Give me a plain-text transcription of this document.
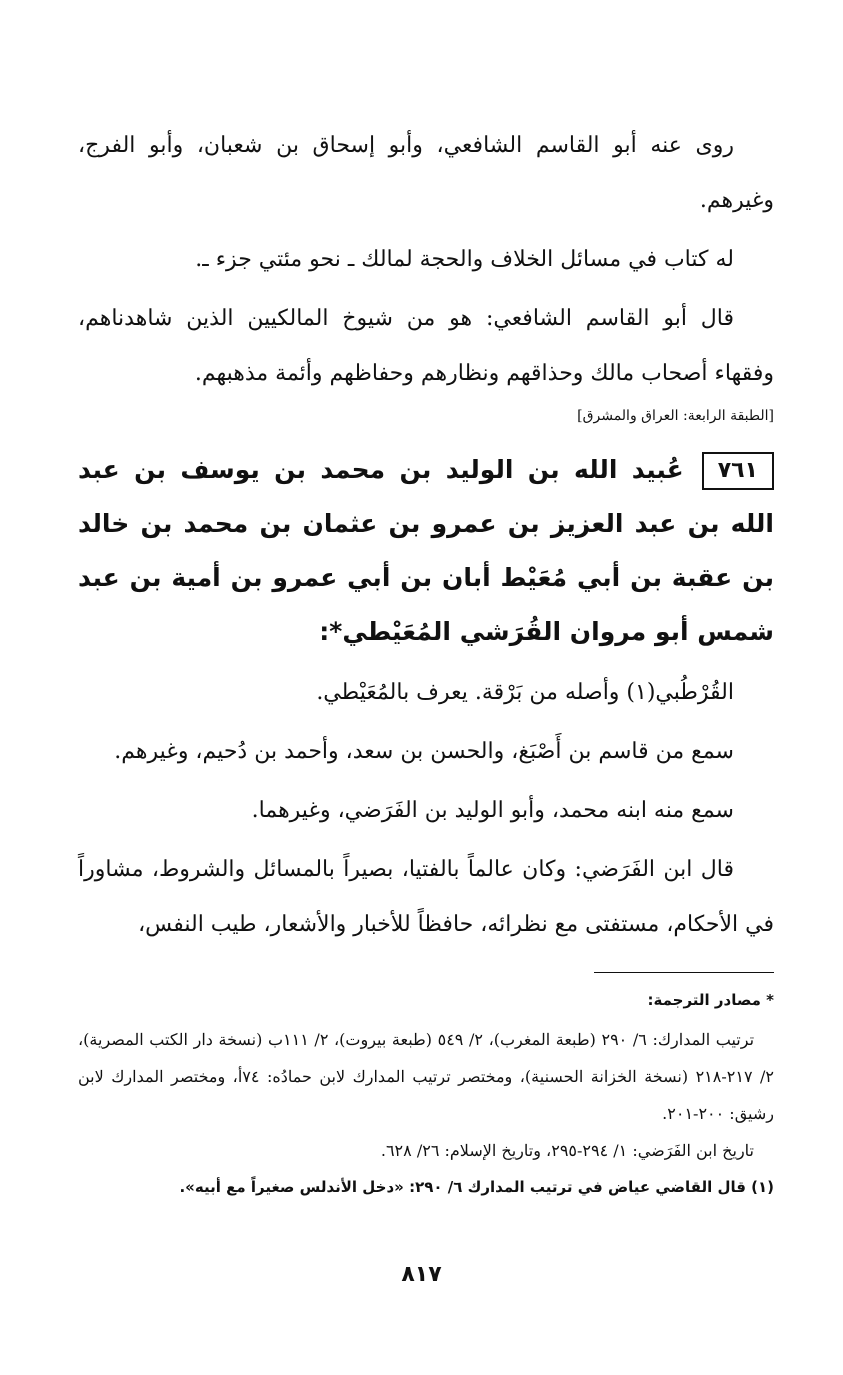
روى عنه أبو القاسم الشافعي، وأبو إسحاق بن شعبان، وأبو الفرج، وغيرهم.

له كتاب في مسائل الخلاف والحجة لمالك ـ نحو مئتي جزء ـ.

قال أبو القاسم الشافعي: هو من شيوخ المالكيين الذين شاهدناهم، وفقهاء أصحاب مالك وحذاقهم ونظارهم وحفاظهم وأئمة مذهبهم.

[الطبقة الرابعة: العراق والمشرق]

٧٦١عُبيد الله بن الوليد بن محمد بن يوسف بن عبد الله بن عبد العزيز بن عمرو بن عثمان بن محمد بن خالد بن عقبة بن أبي مُعَيْط أبان بن أبي عمرو بن أمية بن عبد شمس أبو مروان القُرَشي المُعَيْطي*:

القُرْطُبي(١) وأصله من بَرْقة. يعرف بالمُعَيْطي.

سمع من قاسم بن أَصْبَغ، والحسن بن سعد، وأحمد بن دُحيم، وغيرهم.

سمع منه ابنه محمد، وأبو الوليد بن الفَرَضي، وغيرهما.

قال ابن الفَرَضي: وكان عالماً بالفتيا، بصيراً بالمسائل والشروط، مشاوراً في الأحكام، مستفتى مع نظرائه، حافظاً للأخبار والأشعار، طيب النفس،

* مصادر الترجمة:

ترتيب المدارك: ٦/ ٢٩٠ (طبعة المغرب)، ٢/ ٥٤٩ (طبعة بيروت)، ٢/ ١١١ب (نسخة دار الكتب المصرية)، ٢/ ٢١٧-٢١٨ (نسخة الخزانة الحسنية)، ومختصر ترتيب المدارك لابن حمادُه: ٧٤أ، ومختصر المدارك لابن رشيق: ٢٠٠-٢٠١.

تاريخ ابن الفَرَضي: ١/ ٢٩٤-٢٩٥، وتاريخ الإسلام: ٢٦/ ٦٢٨.

(١) قال القاضي عياض في ترتيب المدارك ٦/ ٢٩٠: «دخل الأندلس صغيراً مع أبيه».

٨١٧
